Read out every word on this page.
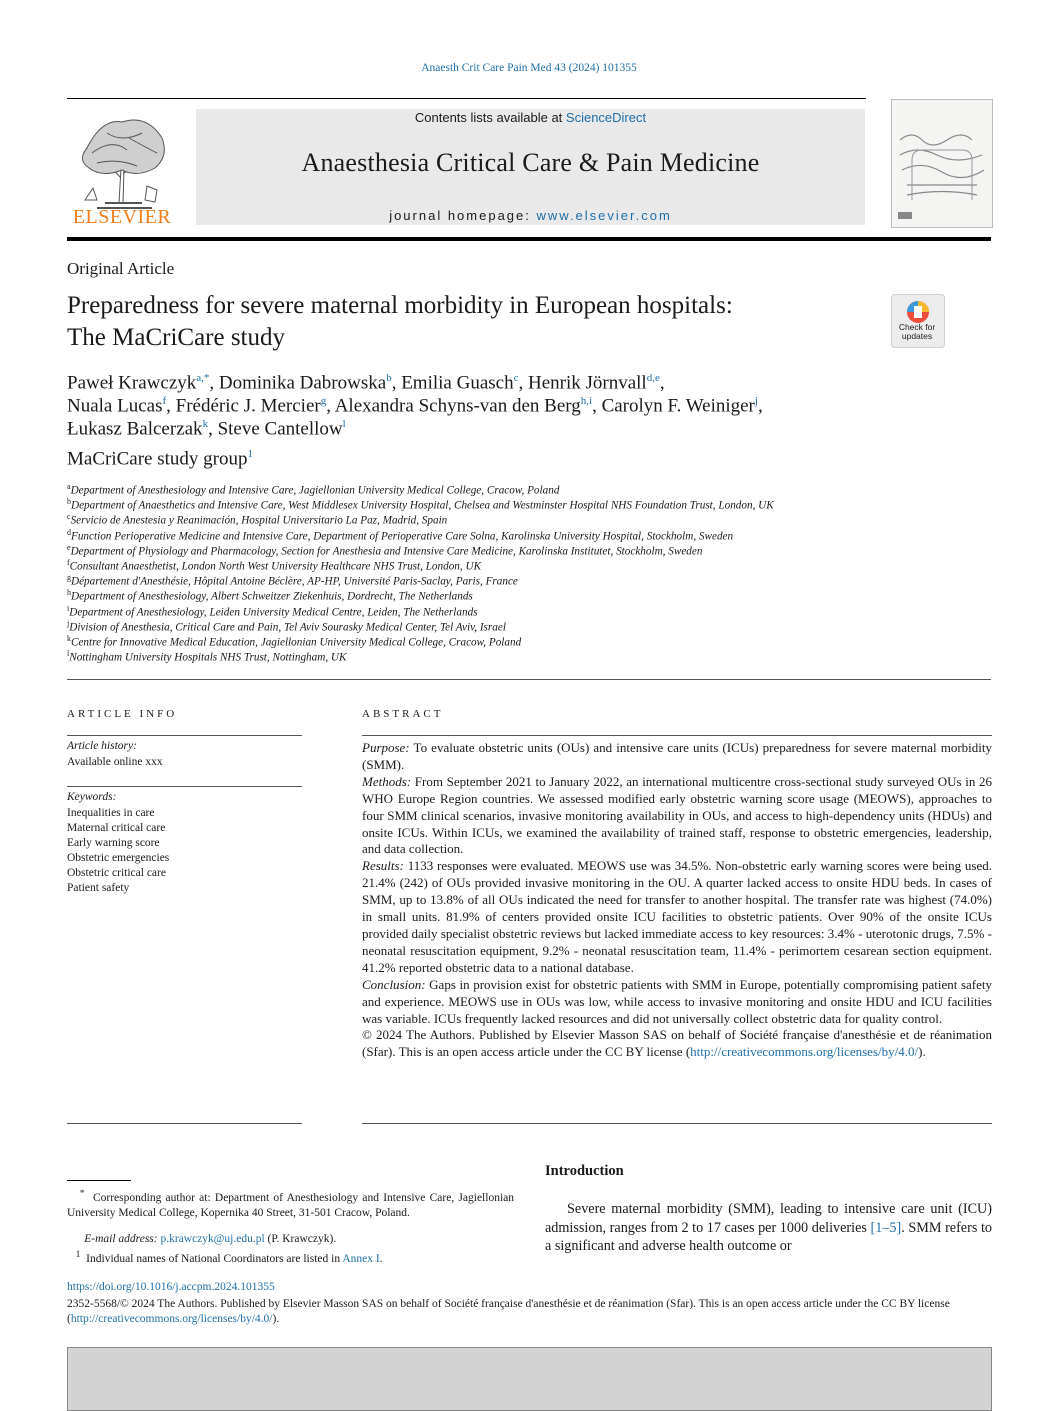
Anaesth Crit Care Pain Med 43 (2024) 101355
Contents lists available at ScienceDirect
Anaesthesia Critical Care & Pain Medicine
journal homepage: www.elsevier.com
ELSEVIER
Original Article
Preparedness for severe maternal morbidity in European hospitals:
The MaCriCare study	Check for updates
Paweł Krawczyk$^{a,*}$, Dominika Dabrowska$^b$, Emilia Guasch$^c$, Henrik Jörnvall$^{d,e}$,
Nuala Lucas$^f$, Frédéric J. Mercier$^g$, Alexandra Schyns-van den Berg$^{h,i}$, Carolyn F. Weiniger$^j$,
Łukasz Balcerzak$^k$, Steve Cantellow$^l$
MaCriCare study group$^1$
$^a$Department of Anesthesiology and Intensive Care, Jagiellonian University Medical College, Cracow, Poland
$^b$Department of Anaesthetics and Intensive Care, West Middlesex University Hospital, Chelsea and Westminster Hospital NHS Foundation Trust, London, UK
$^c$Servicio de Anestesia y Reanimación, Hospital Universitario La Paz, Madrid, Spain
$^d$Function Perioperative Medicine and Intensive Care, Department of Perioperative Care Solna, Karolinska University Hospital, Stockholm, Sweden
$^e$Department of Physiology and Pharmacology, Section for Anesthesia and Intensive Care Medicine, Karolinska Institutet, Stockholm, Sweden
$^f$Consultant Anaesthetist, London North West University Healthcare NHS Trust, London, UK
$^g$Département d'Anesthésie, Hôpital Antoine Béclère, AP-HP, Université Paris-Saclay, Paris, France
$^h$Department of Anesthesiology, Albert Schweitzer Ziekenhuis, Dordrecht, The Netherlands
$^i$Department of Anesthesiology, Leiden University Medical Centre, Leiden, The Netherlands
$^j$Division of Anesthesia, Critical Care and Pain, Tel Aviv Sourasky Medical Center, Tel Aviv, Israel
$^k$Centre for Innovative Medical Education, Jagiellonian University Medical College, Cracow, Poland
$^l$Nottingham University Hospitals NHS Trust, Nottingham, UK
ARTICLE INFO
Article history:
Available online xxx
Keywords:
Inequalities in care
Maternal critical care
Early warning score
Obstetric emergencies
Obstetric critical care
Patient safety
ABSTRACT

Purpose: To evaluate obstetric units (OUs) and intensive care units (ICUs) preparedness for severe maternal morbidity (SMM).

Methods: From September 2021 to January 2022, an international multicentre cross-sectional study surveyed OUs in 26 WHO Europe Region countries. We assessed modified early obstetric warning score usage (MEOWS), approaches to four SMM clinical scenarios, invasive monitoring availability in OUs, and access to high-dependency units (HDUs) and onsite ICUs. Within ICUs, we examined the availability of trained staff, response to obstetric emergencies, leadership, and data collection.

Results: 1133 responses were evaluated. MEOWS use was 34.5%. Non-obstetric early warning scores were being used. 21.4% (242) of OUs provided invasive monitoring in the OU. A quarter lacked access to onsite HDU beds. In cases of SMM, up to 13.8% of all OUs indicated the need for transfer to another hospital. The transfer rate was highest (74.0%) in small units. 81.9% of centers provided onsite ICU facilities to obstetric patients. Over 90% of the onsite ICUs provided daily specialist obstetric reviews but lacked immediate access to key resources: 3.4% - uterotonic drugs, 7.5% - neonatal resuscitation equipment, 9.2% - neonatal resuscitation team, 11.4% - perimortem cesarean section equipment. 41.2% reported obstetric data to a national database.

Conclusion: Gaps in provision exist for obstetric patients with SMM in Europe, potentially compromising patient safety and experience. MEOWS use in OUs was low, while access to invasive monitoring and onsite HDU and ICU facilities was variable. ICUs frequently lacked resources and did not universally collect obstetric data for quality control.

© 2024 The Authors. Published by Elsevier Masson SAS on behalf of Société française d'anesthésie et de réanimation (Sfar). This is an open access article under the CC BY license (http://creativecommons.org/licenses/by/4.0/).

* Corresponding author at: Department of Anesthesiology and Intensive Care, Jagiellonian University Medical College, Kopernika 40 Street, 31-501 Cracow, Poland.
E-mail address: p.krawczyk@uj.edu.pl (P. Krawczyk).
$^1$ Individual names of National Coordinators are listed in Annex I.
Introduction
Severe maternal morbidity (SMM), leading to intensive care unit (ICU) admission, ranges from 2 to 17 cases per 1000 deliveries [1–5]. SMM refers to a significant and adverse health outcome or
https://doi.org/10.1016/j.accpm.2024.101355
2352-5568/© 2024 The Authors. Published by Elsevier Masson SAS on behalf of Société française d'anesthésie et de réanimation (Sfar). This is an open access article under the CC BY license (http://creativecommons.org/licenses/by/4.0/).
